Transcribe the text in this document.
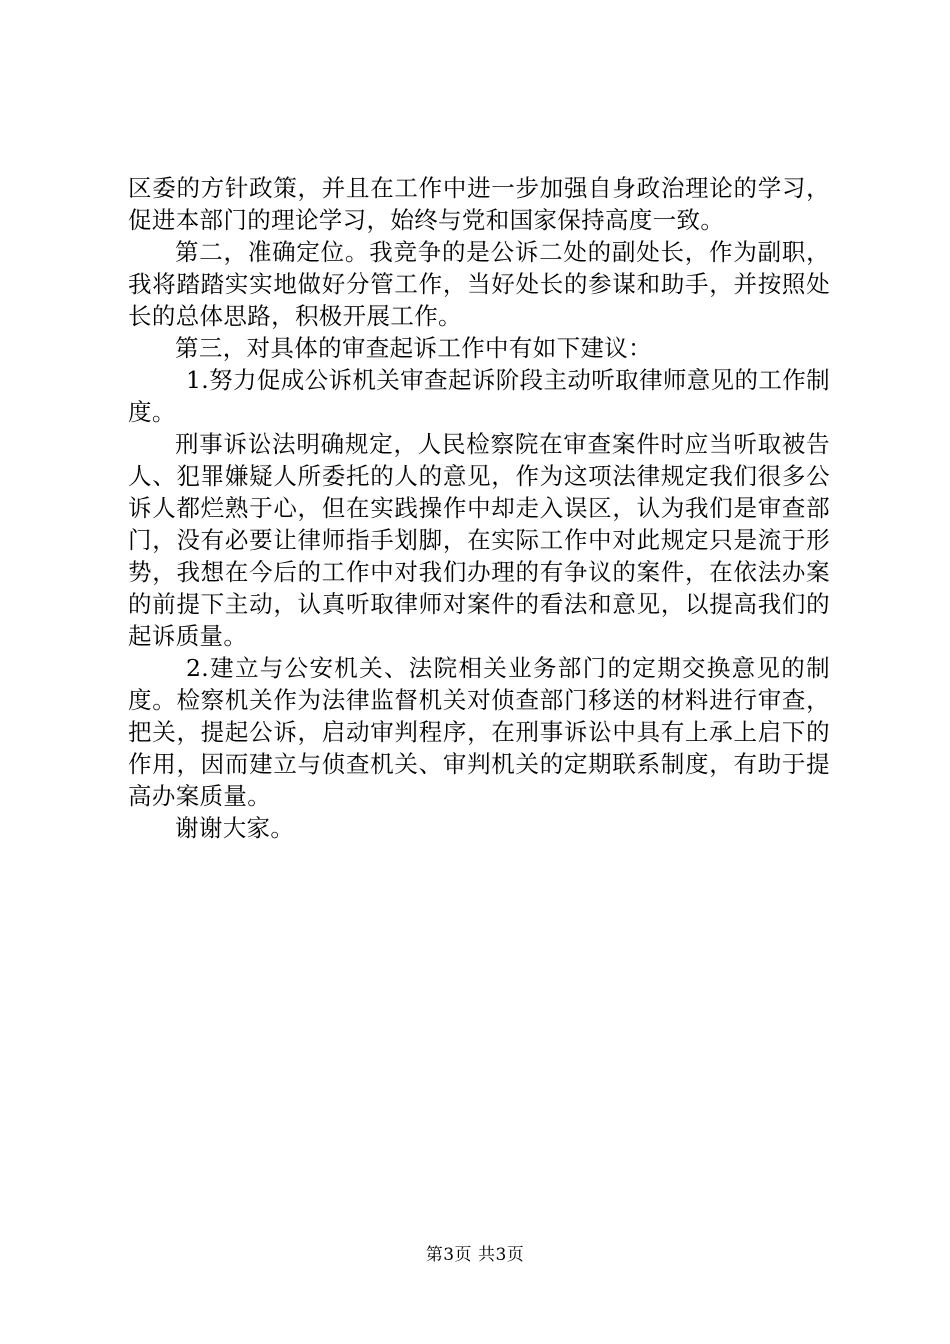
区委的方针政策，并且在工作中进一步加强自身政治理论的学习，促进本部门的理论学习，始终与党和国家保持高度一致。

第二，准确定位。我竞争的是公诉二处的副处长，作为副职，我将踏踏实实地做好分管工作，当好处长的参谋和助手，并按照处长的总体思路，积极开展工作。

第三，对具体的审查起诉工作中有如下建议：

1.努力促成公诉机关审查起诉阶段主动听取律师意见的工作制度。

刑事诉讼法明确规定，人民检察院在审查案件时应当听取被告人、犯罪嫌疑人所委托的人的意见，作为这项法律规定我们很多公诉人都烂熟于心，但在实践操作中却走入误区，认为我们是审查部门，没有必要让律师指手划脚，在实际工作中对此规定只是流于形势，我想在今后的工作中对我们办理的有争议的案件，在依法办案的前提下主动，认真听取律师对案件的看法和意见，以提高我们的起诉质量。

2.建立与公安机关、法院相关业务部门的定期交换意见的制度。检察机关作为法律监督机关对侦查部门移送的材料进行审查，把关，提起公诉，启动审判程序，在刑事诉讼中具有上承上启下的作用，因而建立与侦查机关、审判机关的定期联系制度，有助于提高办案质量。

谢谢大家。

第3页 共3页
